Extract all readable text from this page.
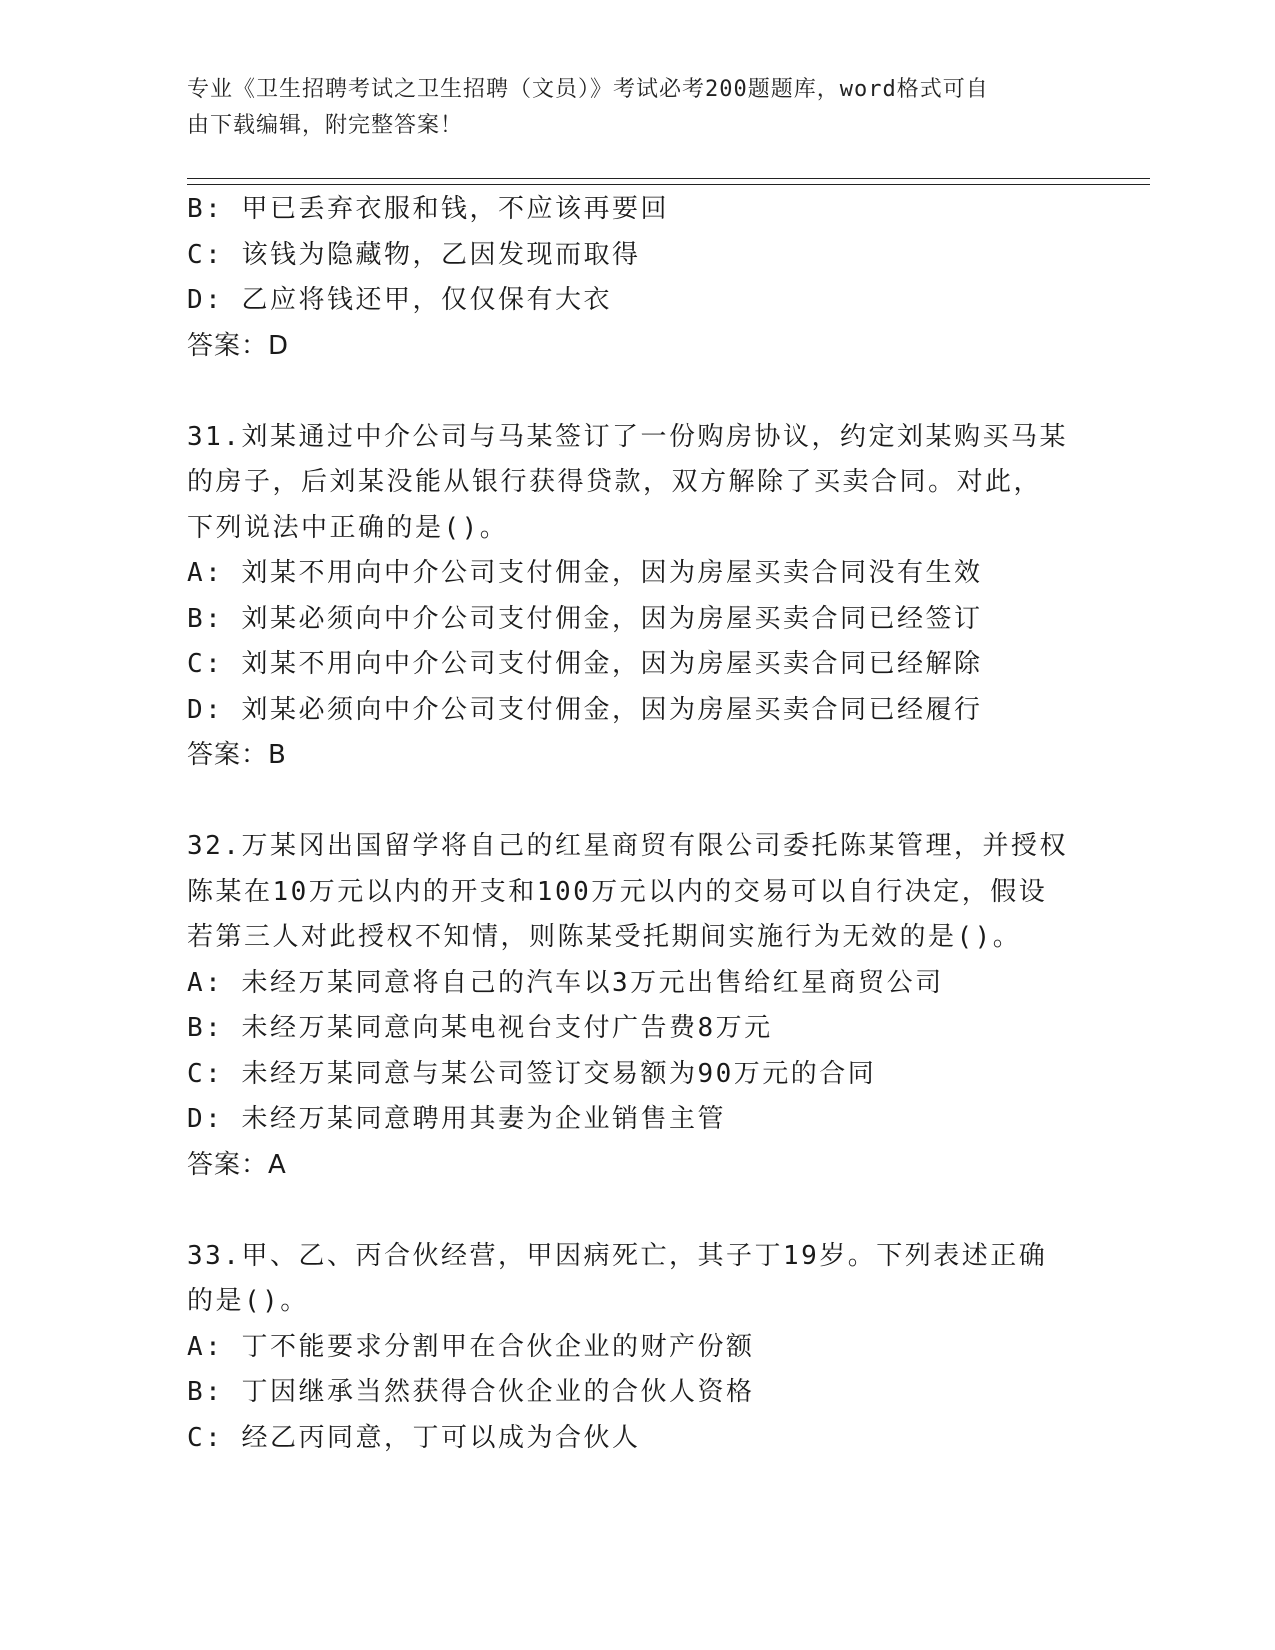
专业《卫生招聘考试之卫生招聘（文员）》考试必考200题题库，word格式可自
由下载编辑，附完整答案！
B: 甲已丢弃衣服和钱，不应该再要回
C: 该钱为隐藏物，乙因发现而取得
D: 乙应将钱还甲，仅仅保有大衣
答案：D
31.刘某通过中介公司与马某签订了一份购房协议，约定刘某购买马某
的房子，后刘某没能从银行获得贷款，双方解除了买卖合同。对此，
下列说法中正确的是()。
A: 刘某不用向中介公司支付佣金，因为房屋买卖合同没有生效
B: 刘某必须向中介公司支付佣金，因为房屋买卖合同已经签订
C: 刘某不用向中介公司支付佣金，因为房屋买卖合同已经解除
D: 刘某必须向中介公司支付佣金，因为房屋买卖合同已经履行
答案：B
32.万某冈出国留学将自己的红星商贸有限公司委托陈某管理，并授权
陈某在10万元以内的开支和100万元以内的交易可以自行决定，假设
若第三人对此授权不知情，则陈某受托期间实施行为无效的是()。
A: 未经万某同意将自己的汽车以3万元出售给红星商贸公司
B: 未经万某同意向某电视台支付广告费8万元
C: 未经万某同意与某公司签订交易额为90万元的合同
D: 未经万某同意聘用其妻为企业销售主管
答案：A
33.甲、乙、丙合伙经营，甲因病死亡，其子丁19岁。下列表述正确
的是()。
A: 丁不能要求分割甲在合伙企业的财产份额
B: 丁因继承当然获得合伙企业的合伙人资格
C: 经乙丙同意，丁可以成为合伙人
